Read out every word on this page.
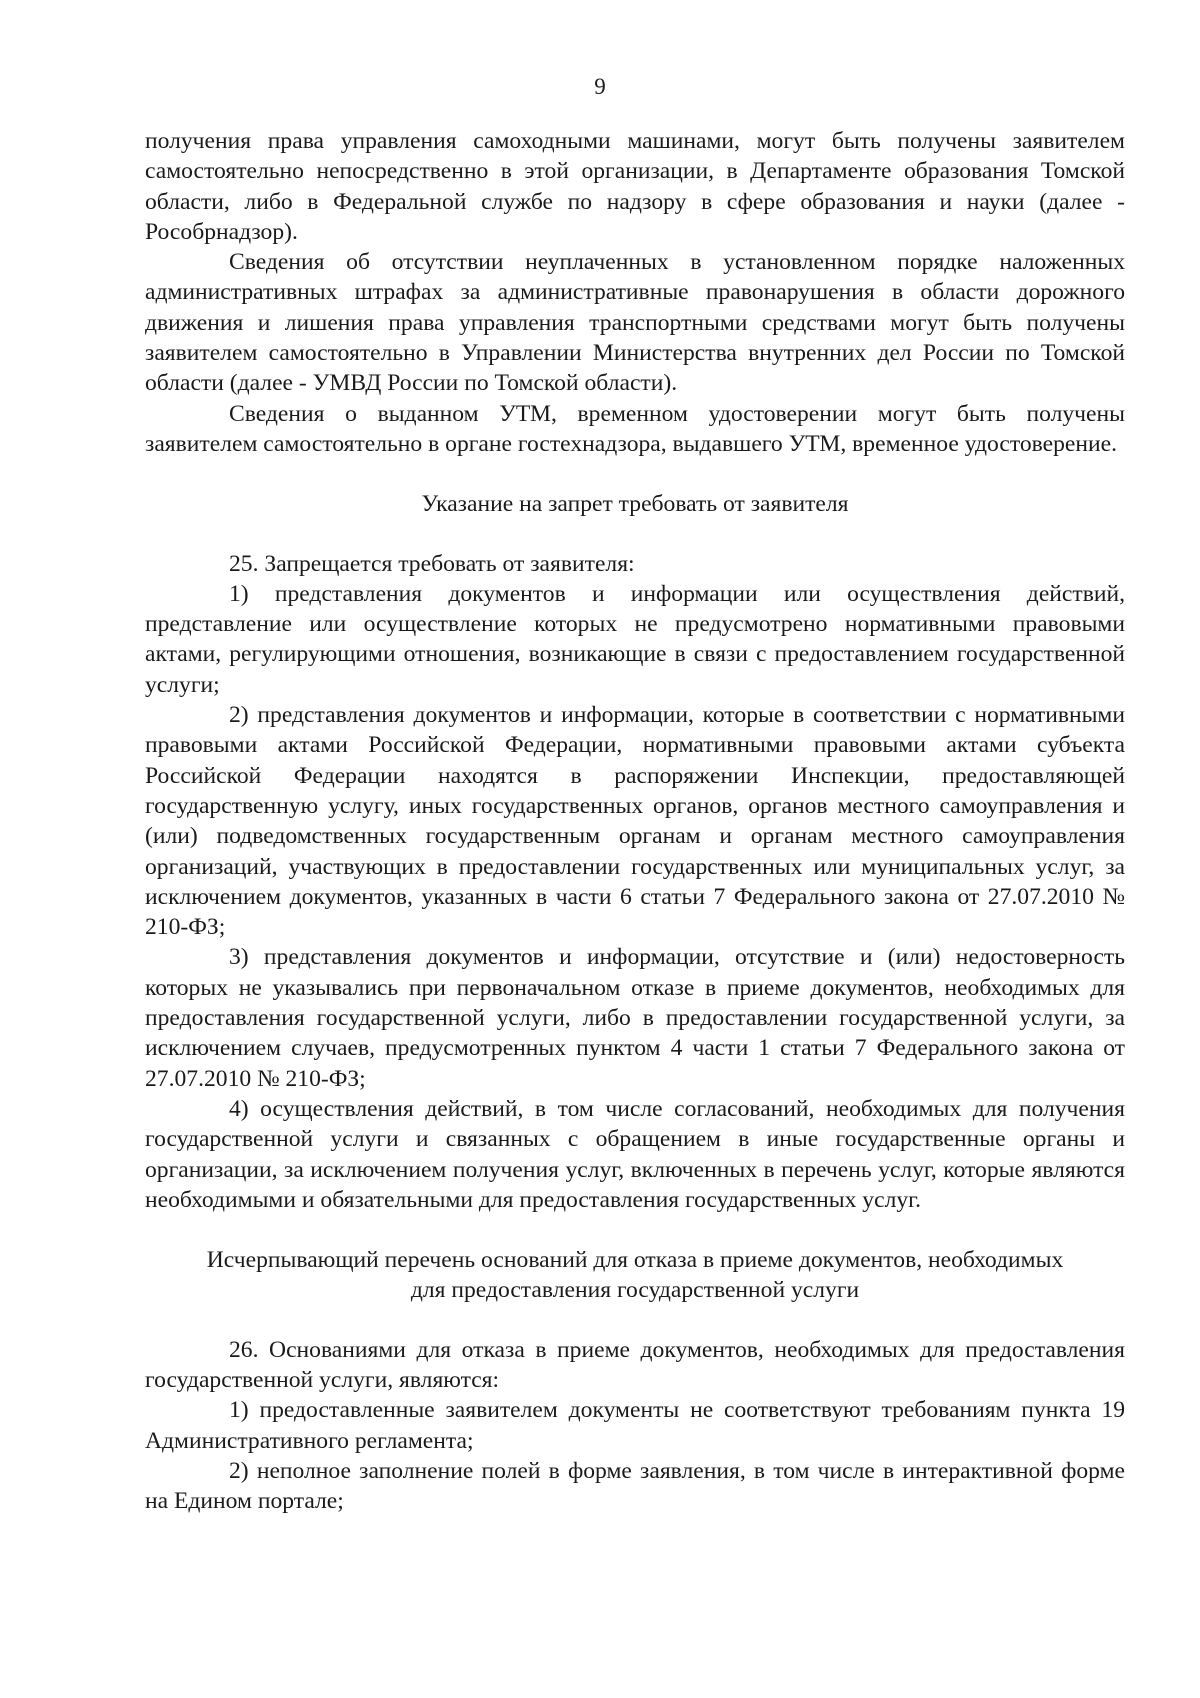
9

получения права управления самоходными машинами, могут быть получены заявителем самостоятельно непосредственно в этой организации, в Департаменте образования Томской области, либо в Федеральной службе по надзору в сфере образования и науки (далее - Рособрнадзор).

Сведения об отсутствии неуплаченных в установленном порядке наложенных административных штрафах за административные правонарушения в области дорожного движения и лишения права управления транспортными средствами могут быть получены заявителем самостоятельно в Управлении Министерства внутренних дел России по Томской области (далее - УМВД России по Томской области).

Сведения о выданном УТМ, временном удостоверении могут быть получены заявителем самостоятельно в органе гостехнадзора, выдавшего УТМ, временное удостоверение.

Указание на запрет требовать от заявителя

25. Запрещается требовать от заявителя:

1) представления документов и информации или осуществления действий, представление или осуществление которых не предусмотрено нормативными правовыми актами, регулирующими отношения, возникающие в связи с предоставлением государственной услуги;

2) представления документов и информации, которые в соответствии с нормативными правовыми актами Российской Федерации, нормативными правовыми актами субъекта Российской Федерации находятся в распоряжении Инспекции, предоставляющей государственную услугу, иных государственных органов, органов местного самоуправления и (или) подведомственных государственным органам и органам местного самоуправления организаций, участвующих в предоставлении государственных или муниципальных услуг, за исключением документов, указанных в части 6 статьи 7 Федерального закона от 27.07.2010 № 210-ФЗ;

3) представления документов и информации, отсутствие и (или) недостоверность которых не указывались при первоначальном отказе в приеме документов, необходимых для предоставления государственной услуги, либо в предоставлении государственной услуги, за исключением случаев, предусмотренных пунктом 4 части 1 статьи 7 Федерального закона от 27.07.2010 № 210-ФЗ;

4) осуществления действий, в том числе согласований, необходимых для получения государственной услуги и связанных с обращением в иные государственные органы и организации, за исключением получения услуг, включенных в перечень услуг, которые являются необходимыми и обязательными для предоставления государственных услуг.

Исчерпывающий перечень оснований для отказа в приеме документов, необходимых

для предоставления государственной услуги

26. Основаниями для отказа в приеме документов, необходимых для предоставления государственной услуги, являются:

1) предоставленные заявителем документы не соответствуют требованиям пункта 19 Административного регламента;

2) неполное заполнение полей в форме заявления, в том числе в интерактивной форме на Едином портале;
